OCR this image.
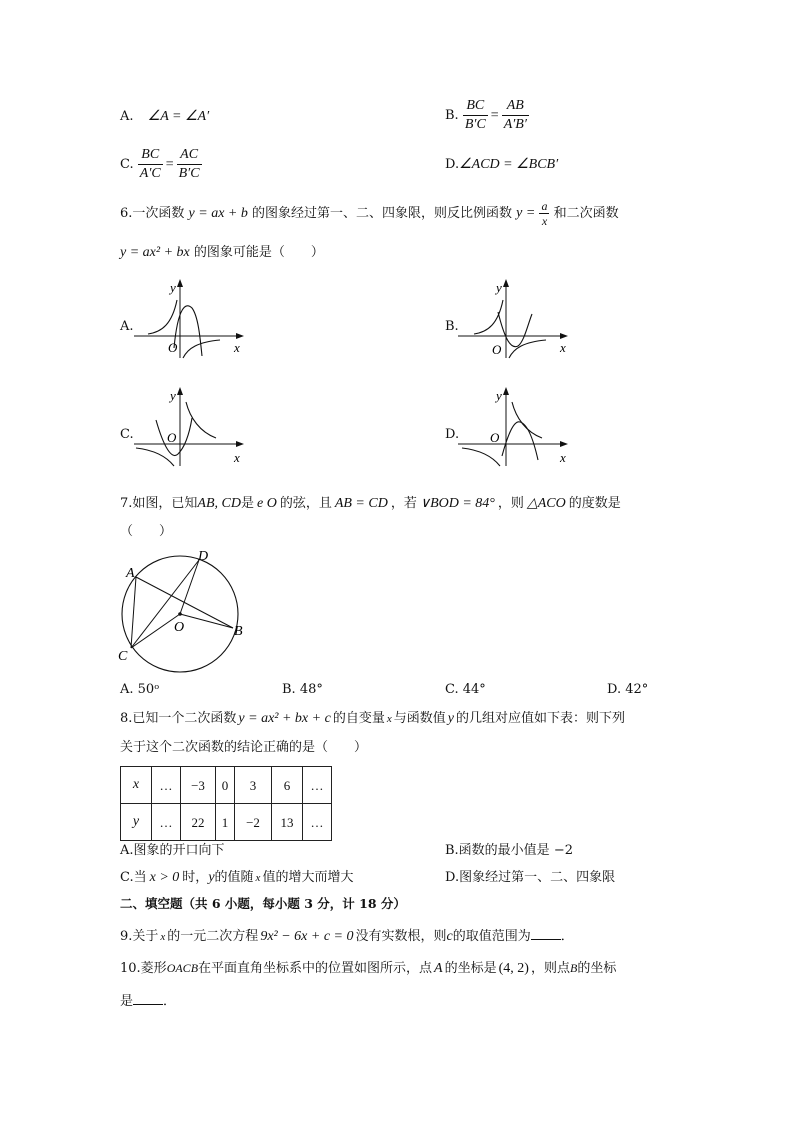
A. ∠A = ∠A′	B. $\frac{BC}{B'C} = \frac{AB}{A'B'}$
C. $\frac{BC}{A'C} = \frac{AC}{B'C}$	D.∠ACD = ∠BCB′
6.一次函数 y = ax + b 的图象经过第一、二、四象限，则反比例函数 $y = \frac{a}{x}$ 和二次函数
y = ax² + bx 的图象可能是（　　）
A.
y
x
O
B.
y
x
O
C.
y
x
O	D.
y
x
O
7.如图，已知AB, CD是 e O 的弦，且 AB = CD ，若 ∨BOD = 84° ，则 △ACO 的度数是
（　　）
A
D
O	B
C
A. 50ᵒ	B. 48°	C. 44°	D. 42°
8.已知一个二次函数 y = ax² + bx + c 的自变量 x 与函数值 y 的几组对应值如下表：则下列
关于这个二次函数的结论正确的是（　　）
x	…	−3	0	3	6	…
y	…	22	1	−2	13	…
A.图象的开口向下	B.函数的最小值是 −2
C.当 x > 0 时，y的值随 x 值的增大而增大	D.图象经过第一、二、四象限
二、填空题（共 6 小题，每小题 3 分，计 18 分）
9.关于 x 的一元二次方程 9x² − 6x + c = 0 没有实数根，则c的取值范围为 ．
10.菱形OACB在平面直角坐标系中的位置如图所示，点 A 的坐标是 (4, 2) ，则点B的坐标
是 ．
